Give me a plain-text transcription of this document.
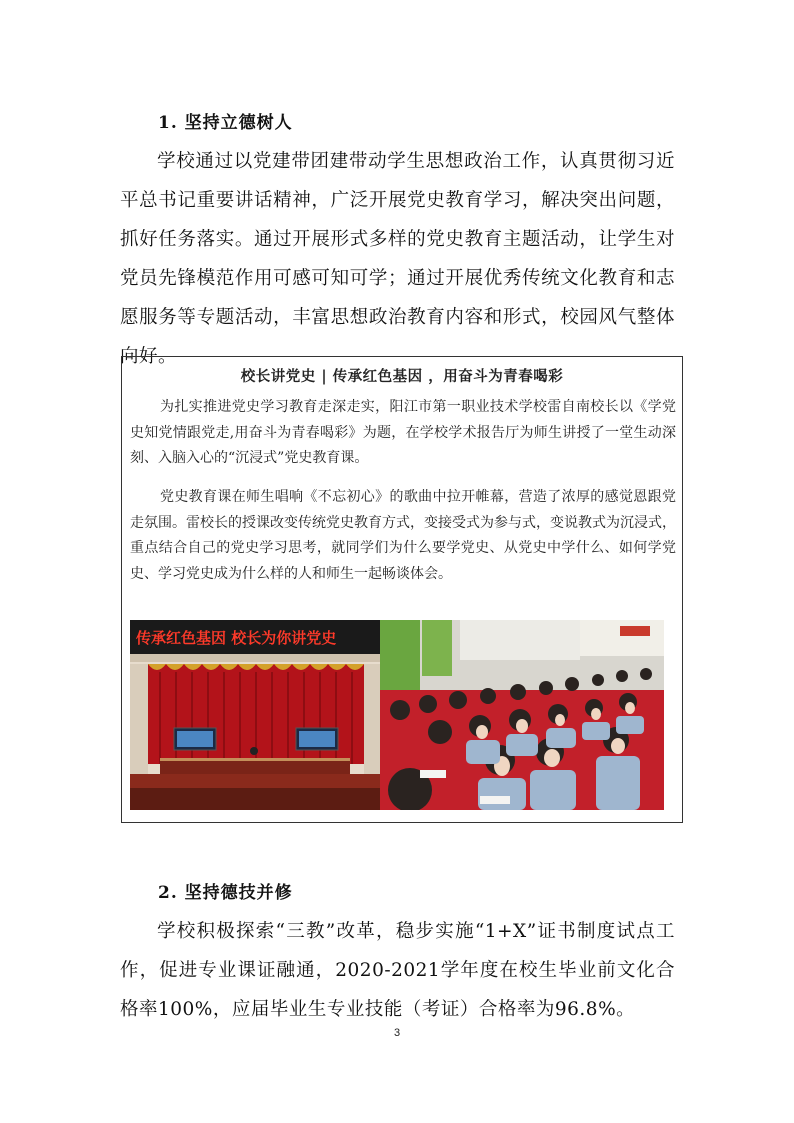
1. 坚持立德树人
学校通过以党建带团建带动学生思想政治工作，认真贯彻习近平总书记重要讲话精神，广泛开展党史教育学习，解决突出问题，抓好任务落实。通过开展形式多样的党史教育主题活动，让学生对党员先锋模范作用可感可知可学；通过开展优秀传统文化教育和志愿服务等专题活动，丰富思想政治教育内容和形式，校园风气整体向好。
校长讲党史 | 传承红色基因 ，用奋斗为青春喝彩
为扎实推进党史学习教育走深走实，阳江市第一职业技术学校雷自南校长以《学党史知党情跟党走,用奋斗为青春喝彩》为题，在学校学术报告厅为师生讲授了一堂生动深刻、入脑入心的“沉浸式”党史教育课。
党史教育课在师生唱响《不忘初心》的歌曲中拉开帷幕，营造了浓厚的感觉恩跟党走氛围。雷校长的授课改变传统党史教育方式，变接受式为参与式，变说教式为沉浸式，重点结合自己的党史学习思考，就同学们为什么要学党史、从党史中学什么、如何学党史、学习党史成为什么样的人和师生一起畅谈体会。
传承红色基因 校长为你讲党史
2. 坚持德技并修
学校积极探索“三教”改革，稳步实施“1+X”证书制度试点工作，促进专业课证融通，2020-2021学年度在校生毕业前文化合格率100%，应届毕业生专业技能（考证）合格率为96.8%。
3
